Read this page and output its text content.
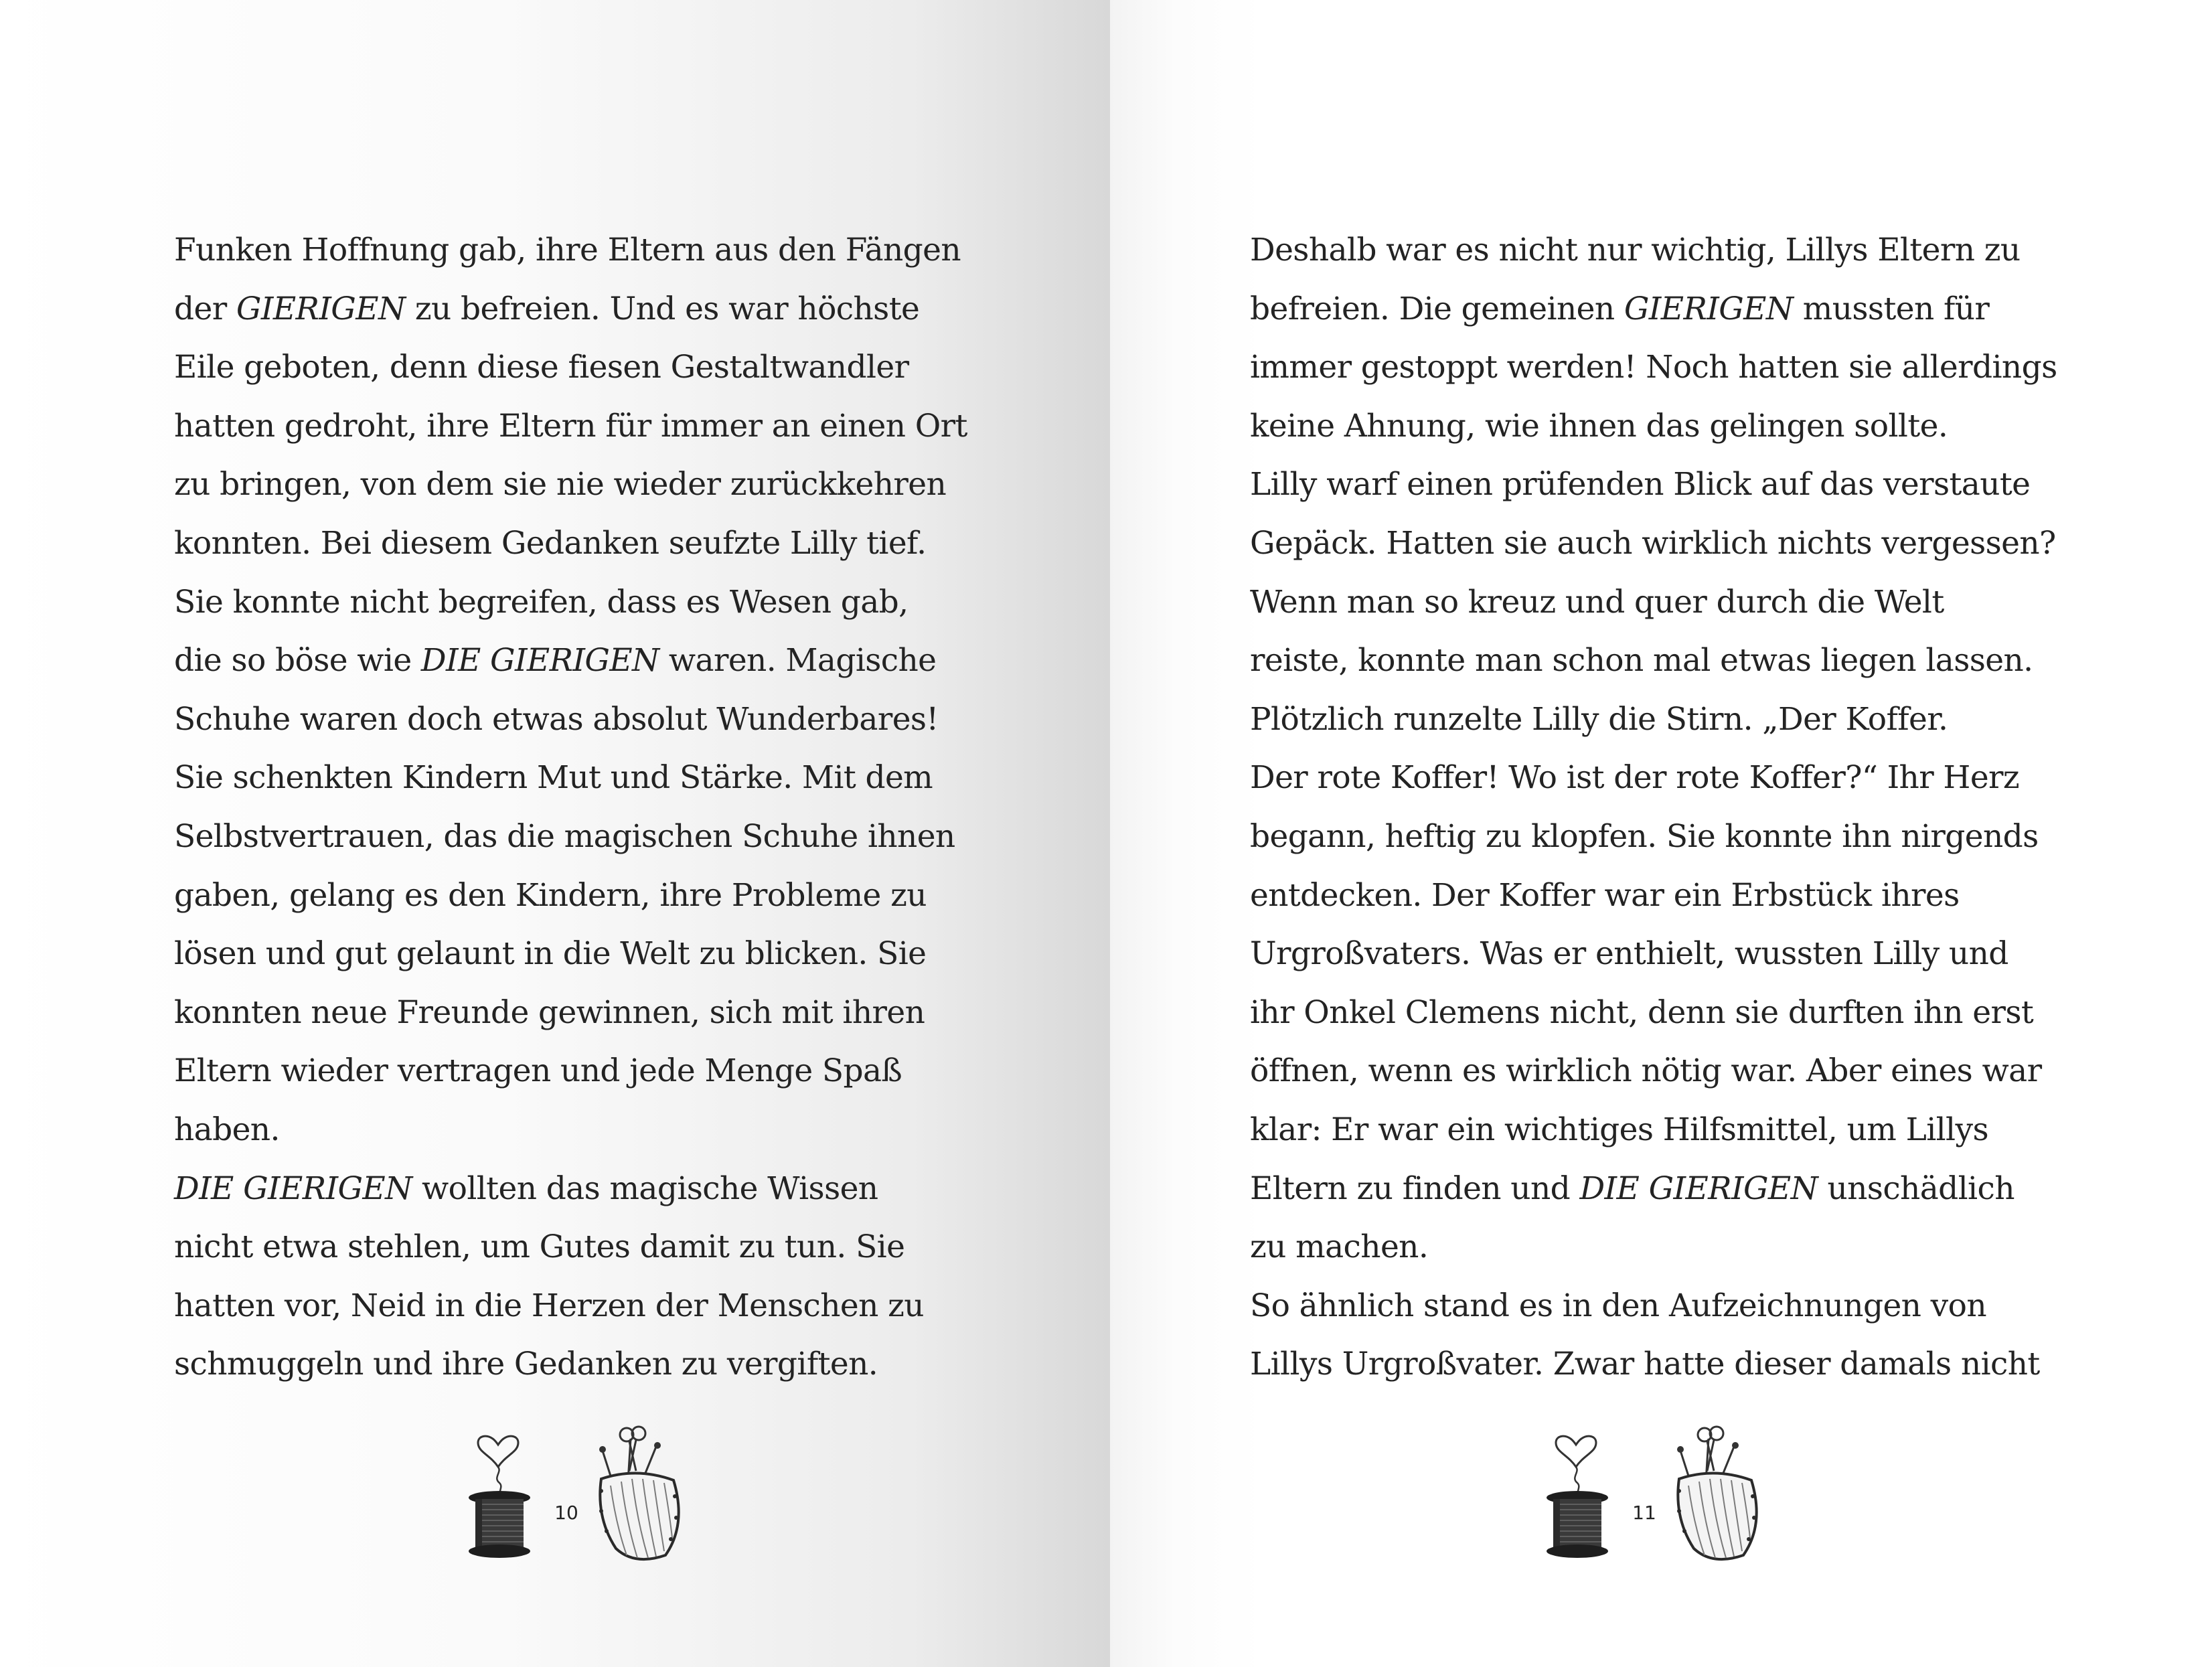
Funken Hoffnung gab, ihre Eltern aus den Fängen
der GIERIGEN zu befreien. Und es war höchste
Eile geboten, denn diese fiesen Gestaltwandler
hatten gedroht, ihre Eltern für immer an einen Ort
zu bringen, von dem sie nie wieder zurückkehren
konnten. Bei diesem Gedanken seufzte Lilly tief.
Sie konnte nicht begreifen, dass es Wesen gab,
die so böse wie DIE GIERIGEN waren. Magische
Schuhe waren doch etwas absolut Wunderbares!
Sie schenkten Kindern Mut und Stärke. Mit dem
Selbstvertrauen, das die magischen Schuhe ihnen
gaben, gelang es den Kindern, ihre Probleme zu
lösen und gut gelaunt in die Welt zu blicken. Sie
konnten neue Freunde gewinnen, sich mit ihren
Eltern wieder vertragen und jede Menge Spaß
haben.
DIE GIERIGEN wollten das magische Wissen
nicht etwa stehlen, um Gutes damit zu tun. Sie
hatten vor, Neid in die Herzen der Menschen zu
schmuggeln und ihre Gedanken zu vergiften.
10
Deshalb war es nicht nur wichtig, Lillys Eltern zu
befreien. Die gemeinen GIERIGEN mussten für
immer gestoppt werden! Noch hatten sie allerdings
keine Ahnung, wie ihnen das gelingen sollte.
Lilly warf einen prüfenden Blick auf das verstaute
Gepäck. Hatten sie auch wirklich nichts vergessen?
Wenn man so kreuz und quer durch die Welt
reiste, konnte man schon mal etwas liegen lassen.
Plötzlich runzelte Lilly die Stirn. „Der Koffer.
Der rote Koffer! Wo ist der rote Koffer?“ Ihr Herz
begann, heftig zu klopfen. Sie konnte ihn nirgends
entdecken. Der Koffer war ein Erbstück ihres
Urgroßvaters. Was er enthielt, wussten Lilly und
ihr Onkel Clemens nicht, denn sie durften ihn erst
öffnen, wenn es wirklich nötig war. Aber eines war
klar: Er war ein wichtiges Hilfsmittel, um Lillys
Eltern zu finden und DIE GIERIGEN unschädlich
zu machen.
So ähnlich stand es in den Aufzeichnungen von
Lillys Urgroßvater. Zwar hatte dieser damals nicht
11
